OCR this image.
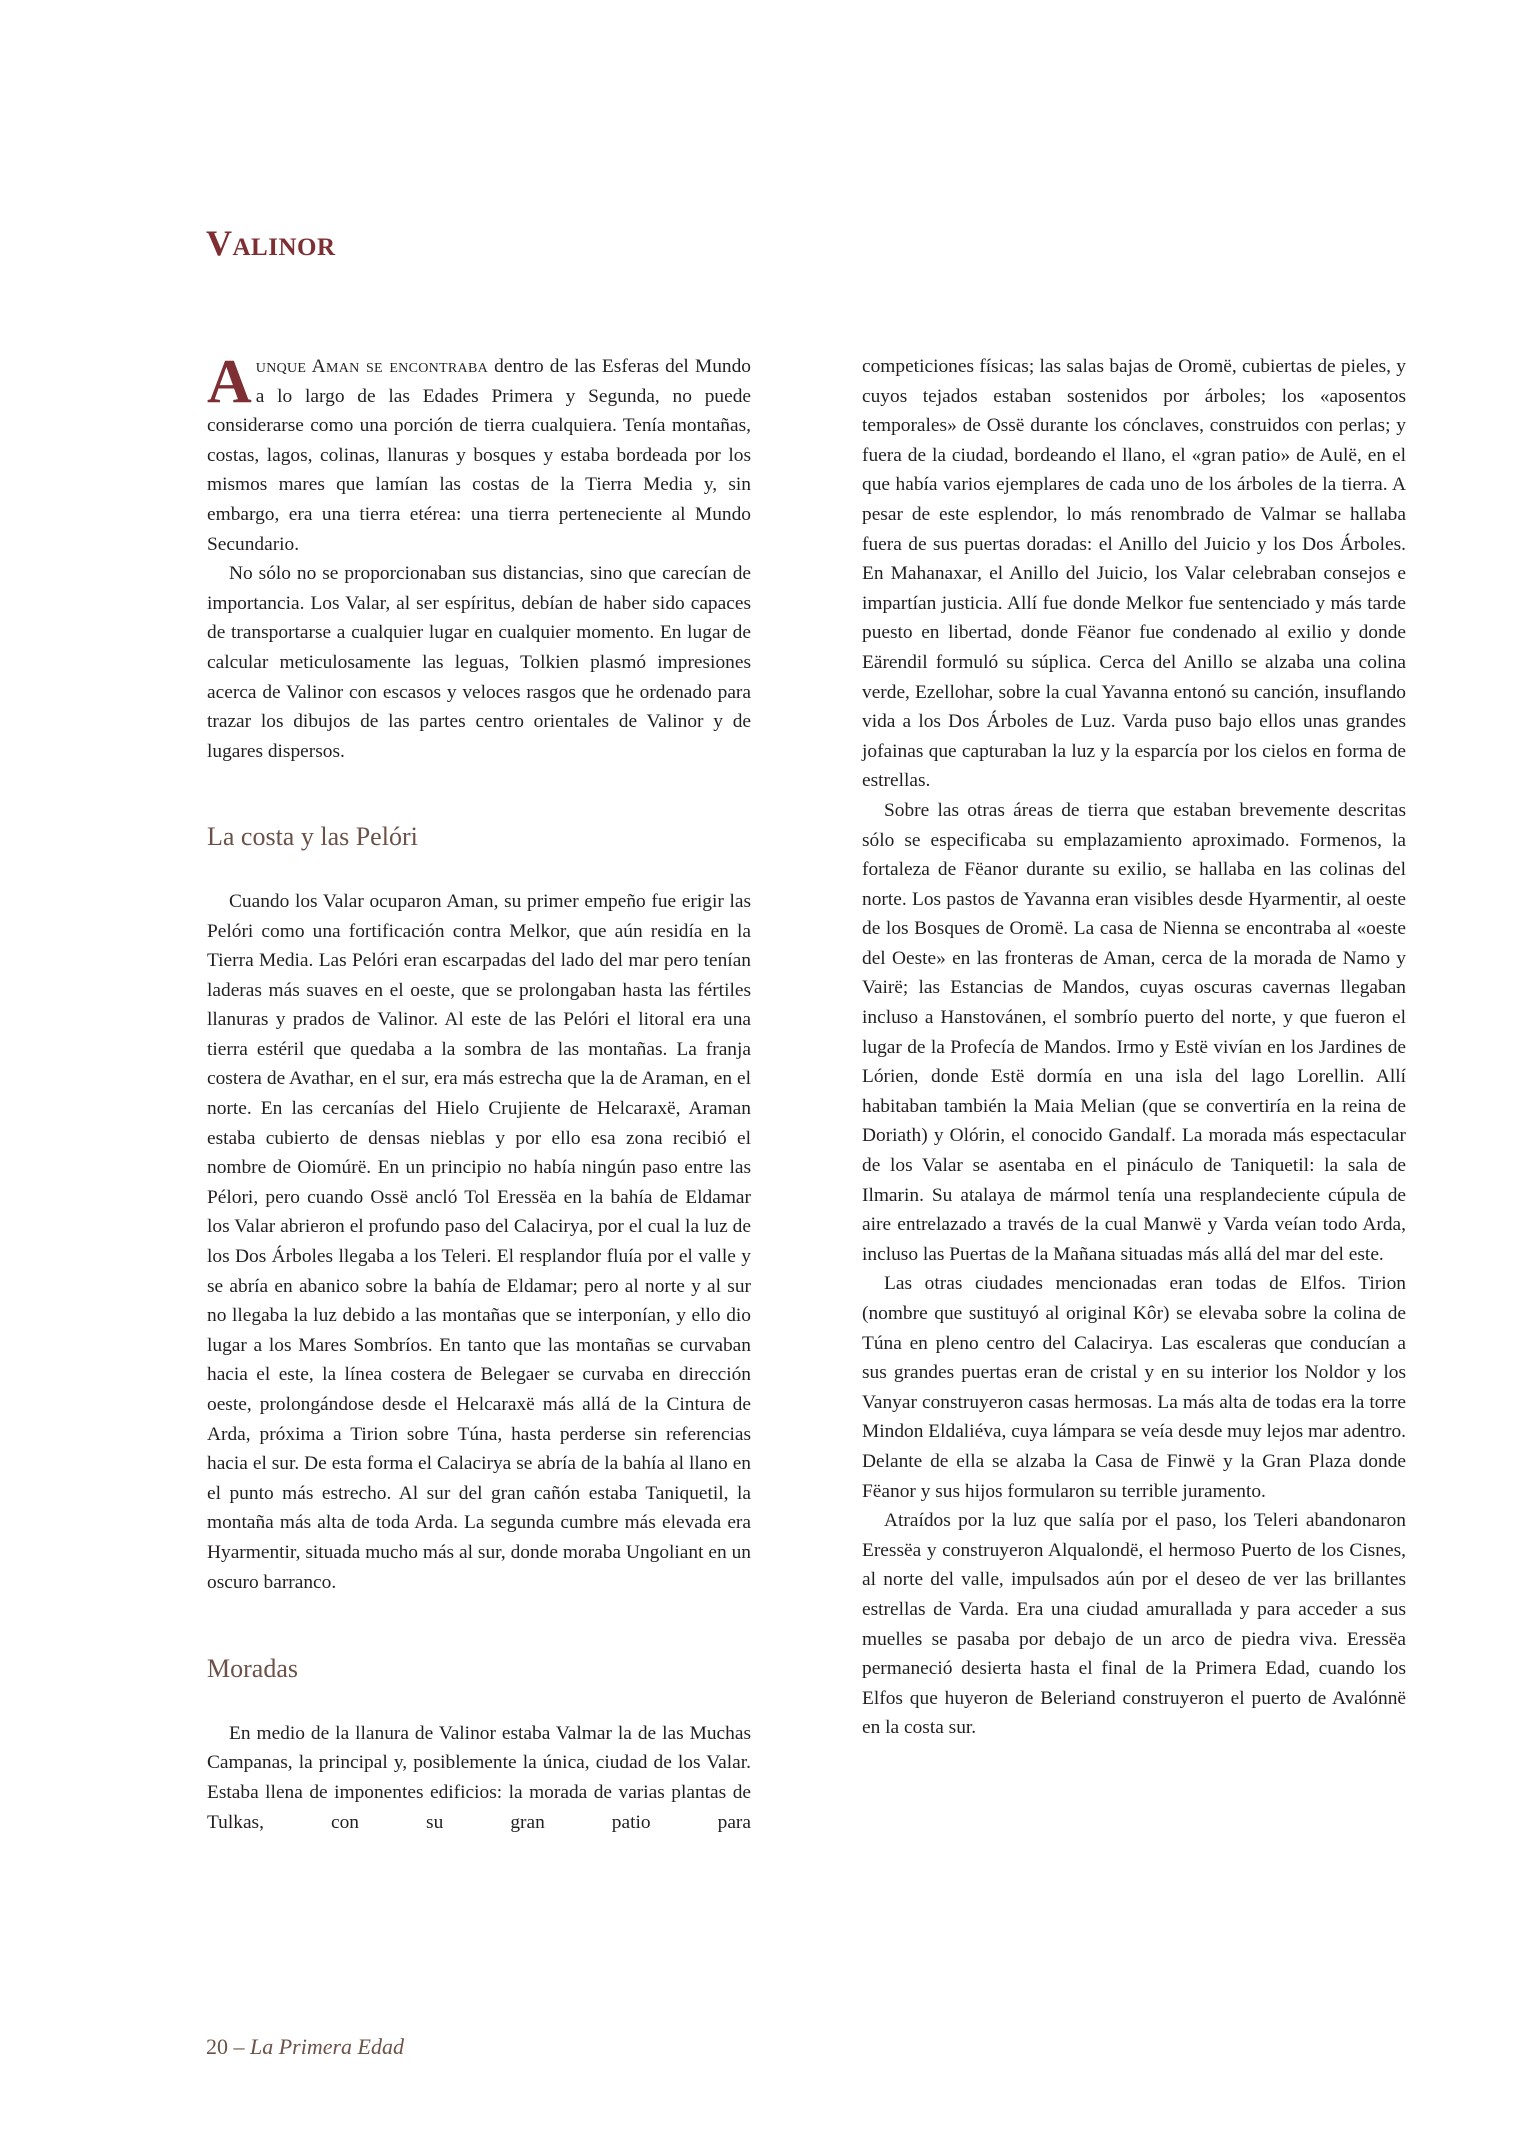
Valinor

Aunque Aman se encontraba dentro de las Esferas del Mundo a lo largo de las Edades Primera y Segunda, no puede considerarse como una porción de tierra cualquiera. Tenía montañas, costas, lagos, colinas, llanuras y bosques y estaba bordeada por los mismos mares que lamían las costas de la Tierra Media y, sin embargo, era una tierra etérea: una tierra perteneciente al Mundo Secundario.

No sólo no se proporcionaban sus distancias, sino que carecían de importancia. Los Valar, al ser espíritus, debían de haber sido capaces de transportarse a cualquier lugar en cualquier momento. En lugar de calcular meticulosamente las leguas, Tolkien plasmó impresiones acerca de Valinor con escasos y veloces rasgos que he ordenado para trazar los dibujos de las partes centro orientales de Valinor y de lugares dispersos.

La costa y las Pelóri

Cuando los Valar ocuparon Aman, su primer empeño fue erigir las Pelóri como una fortificación contra Melkor, que aún residía en la Tierra Media. Las Pelóri eran escarpadas del lado del mar pero tenían laderas más suaves en el oeste, que se prolongaban hasta las fértiles llanuras y prados de Valinor. Al este de las Pelóri el litoral era una tierra estéril que quedaba a la sombra de las montañas. La franja costera de Avathar, en el sur, era más estrecha que la de Araman, en el norte. En las cercanías del Hielo Crujiente de Helcaraxë, Araman estaba cubierto de densas nieblas y por ello esa zona recibió el nombre de Oiomúrë. En un principio no había ningún paso entre las Pélori, pero cuando Ossë ancló Tol Eressëa en la bahía de Eldamar los Valar abrieron el profundo paso del Calacirya, por el cual la luz de los Dos Árboles llegaba a los Teleri. El resplandor fluía por el valle y se abría en abanico sobre la bahía de Eldamar; pero al norte y al sur no llegaba la luz debido a las montañas que se interponían, y ello dio lugar a los Mares Sombríos. En tanto que las montañas se curvaban hacia el este, la línea costera de Belegaer se curvaba en dirección oeste, prolongándose desde el Helcaraxë más allá de la Cintura de Arda, próxima a Tirion sobre Túna, hasta perderse sin referencias hacia el sur. De esta forma el Calacirya se abría de la bahía al llano en el punto más estrecho. Al sur del gran cañón estaba Taniquetil, la montaña más alta de toda Arda. La segunda cumbre más elevada era Hyarmentir, situada mucho más al sur, donde moraba Ungoliant en un oscuro barranco.

Moradas

En medio de la llanura de Valinor estaba Valmar la de las Muchas Campanas, la principal y, posiblemente la única, ciudad de los Valar. Estaba llena de imponentes edificios: la morada de varias plantas de Tulkas, con su gran patio para

competiciones físicas; las salas bajas de Oromë, cubiertas de pieles, y cuyos tejados estaban sostenidos por árboles; los «aposentos temporales» de Ossë durante los cónclaves, construidos con perlas; y fuera de la ciudad, bordeando el llano, el «gran patio» de Aulë, en el que había varios ejemplares de cada uno de los árboles de la tierra. A pesar de este esplendor, lo más renombrado de Valmar se hallaba fuera de sus puertas doradas: el Anillo del Juicio y los Dos Árboles. En Mahanaxar, el Anillo del Juicio, los Valar celebraban consejos e impartían justicia. Allí fue donde Melkor fue sentenciado y más tarde puesto en libertad, donde Fëanor fue condenado al exilio y donde Eärendil formuló su súplica. Cerca del Anillo se alzaba una colina verde, Ezellohar, sobre la cual Yavanna entonó su canción, insuflando vida a los Dos Árboles de Luz. Varda puso bajo ellos unas grandes jofainas que capturaban la luz y la esparcía por los cielos en forma de estrellas.

Sobre las otras áreas de tierra que estaban brevemente descritas sólo se especificaba su emplazamiento aproximado. Formenos, la fortaleza de Fëanor durante su exilio, se hallaba en las colinas del norte. Los pastos de Yavanna eran visibles desde Hyarmentir, al oeste de los Bosques de Oromë. La casa de Nienna se encontraba al «oeste del Oeste» en las fronteras de Aman, cerca de la morada de Namo y Vairë; las Estancias de Mandos, cuyas oscuras cavernas llegaban incluso a Hanstovánen, el sombrío puerto del norte, y que fueron el lugar de la Profecía de Mandos. Irmo y Estë vivían en los Jardines de Lórien, donde Estë dormía en una isla del lago Lorellin. Allí habitaban también la Maia Melian (que se convertiría en la reina de Doriath) y Olórin, el conocido Gandalf. La morada más espectacular de los Valar se asentaba en el pináculo de Taniquetil: la sala de Ilmarin. Su atalaya de mármol tenía una resplandeciente cúpula de aire entrelazado a través de la cual Manwë y Varda veían todo Arda, incluso las Puertas de la Mañana situadas más allá del mar del este.

Las otras ciudades mencionadas eran todas de Elfos. Tirion (nombre que sustituyó al original Kôr) se elevaba sobre la colina de Túna en pleno centro del Calacirya. Las escaleras que conducían a sus grandes puertas eran de cristal y en su interior los Noldor y los Vanyar construyeron casas hermosas. La más alta de todas era la torre Mindon Eldaliéva, cuya lámpara se veía desde muy lejos mar adentro. Delante de ella se alzaba la Casa de Finwë y la Gran Plaza donde Fëanor y sus hijos formularon su terrible juramento.

Atraídos por la luz que salía por el paso, los Teleri abandonaron Eressëa y construyeron Alqualondë, el hermoso Puerto de los Cisnes, al norte del valle, impulsados aún por el deseo de ver las brillantes estrellas de Varda. Era una ciudad amurallada y para acceder a sus muelles se pasaba por debajo de un arco de piedra viva. Eressëa permaneció desierta hasta el final de la Primera Edad, cuando los Elfos que huyeron de Beleriand construyeron el puerto de Avalónnë en la costa sur.

20 – La Primera Edad
